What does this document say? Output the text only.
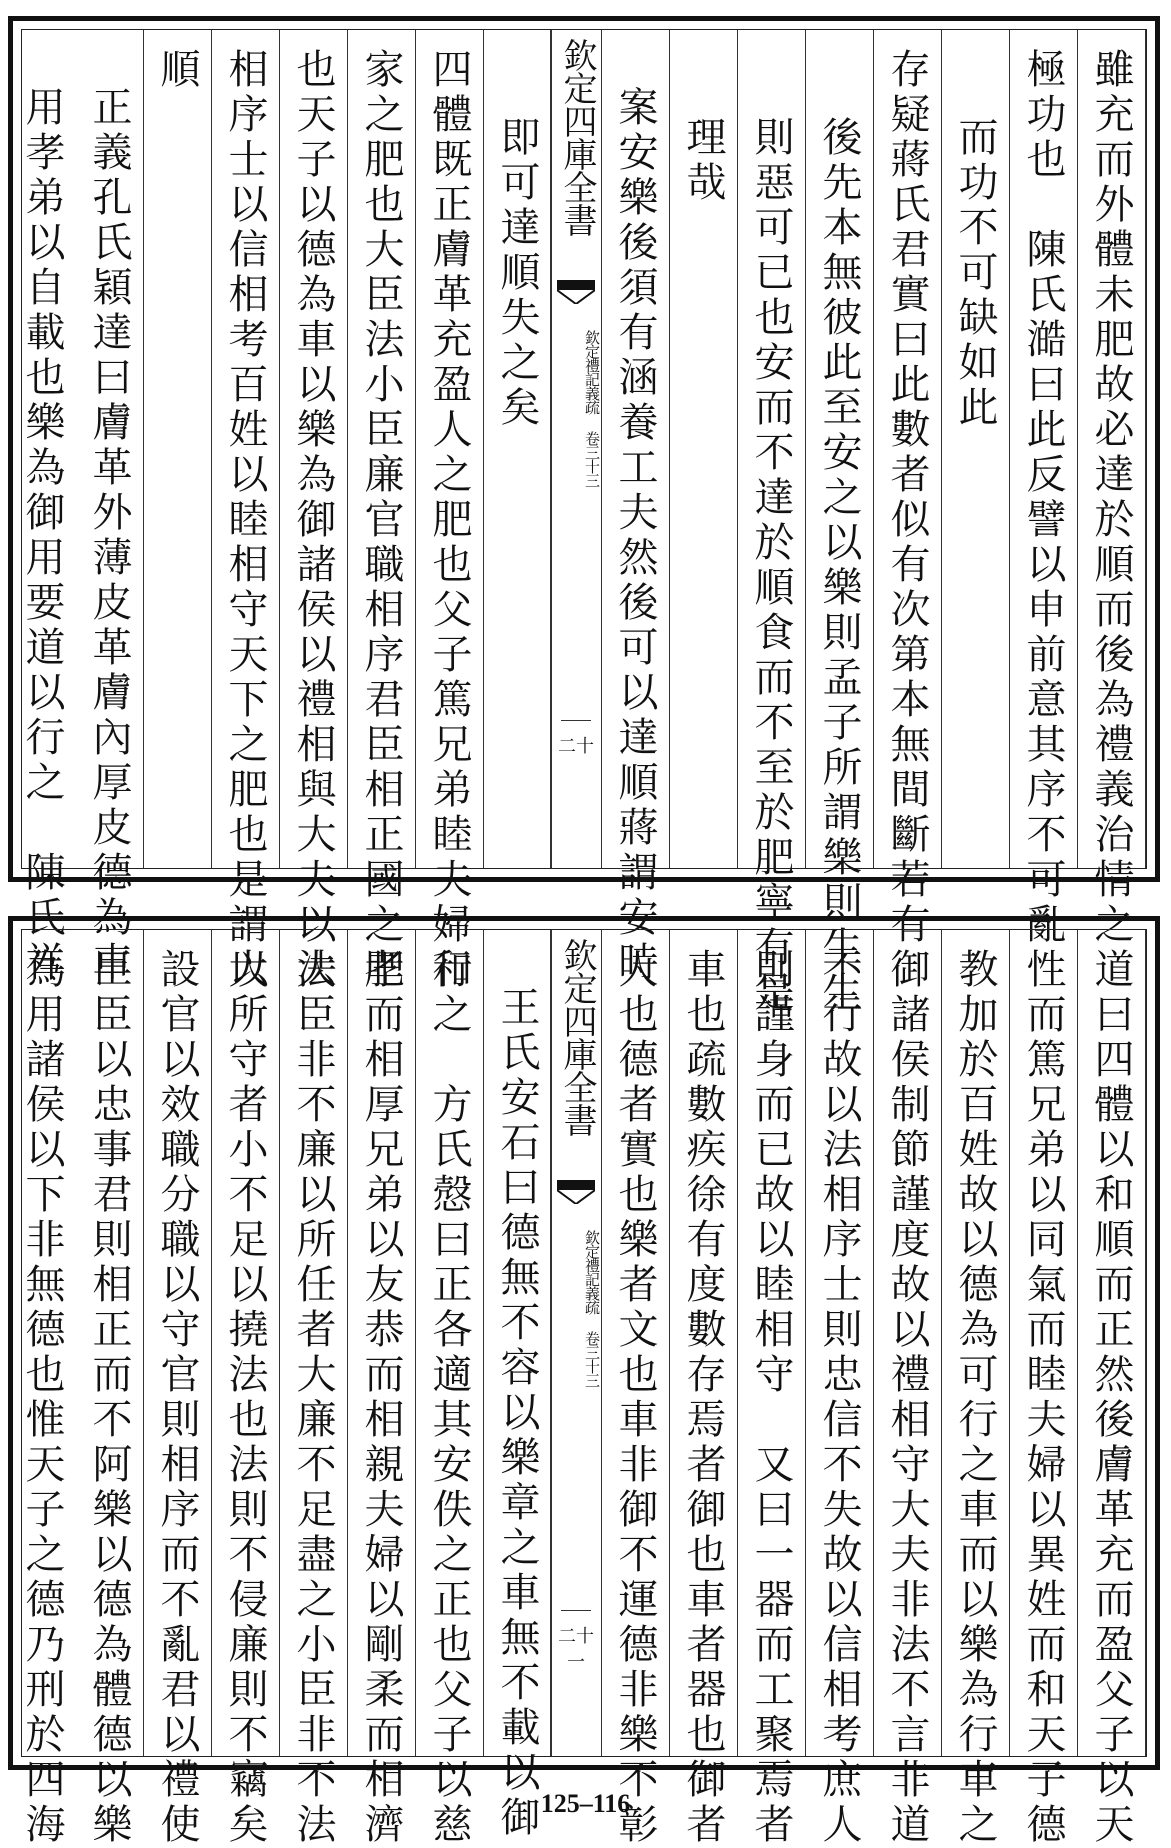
雖充而外體未肥故必達於順而後為禮義治情之
極功也　陳氏澔曰此反譬以申前意其序不可亂
而功不可缺如此
存疑蔣氏君實曰此數者似有次第本無間斷若有
後先本無彼此至安之以樂則孟子所謂樂則生生
則惡可已也安而不達於順食而不至於肥寧有是
理哉
案安樂後須有涵養工夫然後可以達順蔣謂安時
欽定四庫全書
欽定禮記義疏 卷三十三
二十
即可達順失之矣
四體既正膚革充盈人之肥也父子篤兄弟睦夫婦和
家之肥也大臣法小臣廉官職相序君臣相正國之肥
也天子以德為車以樂為御諸侯以禮相與大夫以法
相序士以信相考百姓以睦相守天下之肥也是謂大
順
正義孔氏穎達曰膚革外薄皮革膚內厚皮德為車
用孝弟以自載也樂為御用要道以行之　陳氏祥
道曰四體以和順而正然後膚革充而盈父子以天
性而篤兄弟以同氣而睦夫婦以異姓而和天子德
教加於百姓故以德為可行之車而以樂為行車之
御諸侯制節謹度故以禮相守大夫非法不言非道
不行故以法相序士則忠信不失故以信相考庶人
則謹身而已故以睦相守　又曰一器而工聚焉者
車也疏數疾徐有度數存焉者御也車者器也御者
人也德者實也樂者文也車非御不運德非樂不彰
欽定四庫全書
欽定禮記義疏 卷三十三
二十一
王氏安石曰德無不容以樂章之車無不載以御
行之　方氏慤曰正各適其安佚之正也父子以慈
孝而相厚兄弟以友恭而相親夫婦以剛柔而相濟
大臣非不廉以所任者大廉不足盡之小臣非不法
以所守者小不足以撓法也法則不侵廉則不竊矣
設官以效職分職以守官則相序而不亂君以禮使
臣臣以忠事君則相正而不阿樂以德為體德以樂
為用諸侯以下非無德也惟天子之德乃刑於四海	125–116
